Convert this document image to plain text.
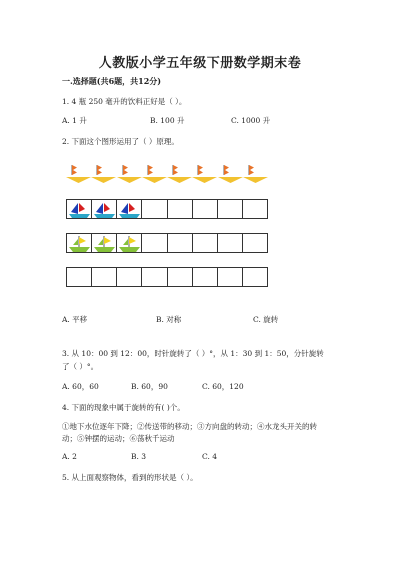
人教版小学五年级下册数学期末卷
一.选择题(共6题，共12分)
1. 4 瓶 250 毫升的饮料正好是（ ）。
A. 1 升	B. 100 升	C. 1000 升
2. 下面这个图形运用了（ ）原理。
A. 平移	B. 对称	C. 旋转
3. 从 10：00 到 12：00，时针旋转了（ ）°，从 1：30 到 1：50，分针旋转
了（ ）°。
A. 60，60	B. 60，90	C. 60，120
4. 下面的现象中属于旋转的有( )个。
①地下水位逐年下降；②传送带的移动；③方向盘的转动；④水龙头开关的转
动；⑤钟摆的运动；⑥荡秋千运动
A. 2	B. 3	C. 4
5. 从上面观察物体，看到的形状是（ ）。
